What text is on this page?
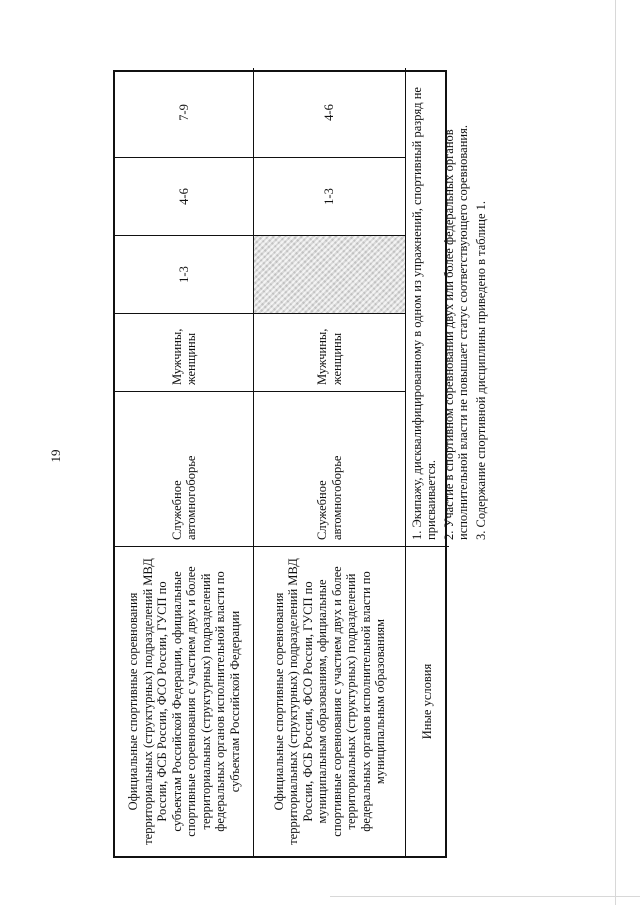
19
Официальные спортивные соревнования территориальных (структурных) подразделений МВД России, ФСБ России, ФСО России, ГУСП по субъектам Российской Федерации, официальные спортивные соревнования с участием двух и более территориальных (структурных) подразделений федеральных органов исполнительной власти по субъектам Российской Федерации
Служебное автомногоборье
Мужчины, женщины
1-3
4-6
7-9
Официальные спортивные соревнования территориальных (структурных) подразделений МВД России, ФСБ России, ФСО России, ГУСП по муниципальным образованиям, официальные спортивные соревнования с участием двух и более территориальных (структурных) подразделений федеральных органов исполнительной власти по муниципальным образованиям
Служебное автомногоборье
Мужчины, женщины
1-3
4-6
Иные условия

1. Экипажу, дисквалифицированному в одном из упражнений, спортивный разряд не присваивается. 2. Участие в спортивном соревновании двух или более федеральных органов исполнительной власти не повышает статус соответствующего соревнования. 3. Содержание спортивной дисциплины приведено в таблице 1.
